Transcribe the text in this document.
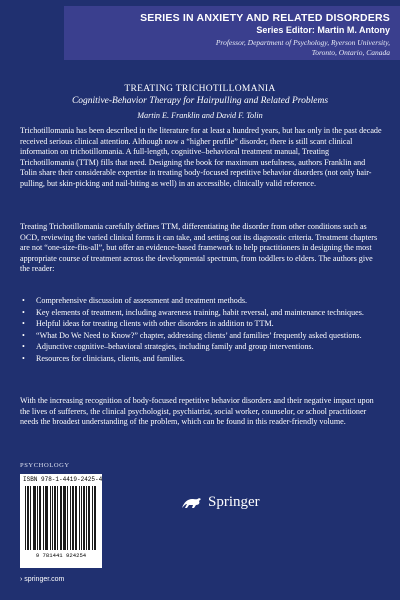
SERIES IN ANXIETY AND RELATED DISORDERS
Series Editor: Martin M. Antony
Professor, Department of Psychology, Ryerson University,
Toronto, Ontario, Canada
TREATING TRICHOTILLOMANIA
Cognitive-Behavior Therapy for Hairpulling and Related Problems
Martin E. Franklin and David F. Tolin

Trichotillomania has been described in the literature for at least a hundred years, but has only in the past decade received serious clinical attention. Although now a “higher profile” disorder, there is still scant clinical information on trichotillomania. A full-length, cognitive–behavioral treatment manual, Treating Trichotillomania (TTM) fills that need. Designing the book for maximum usefulness, authors Franklin and Tolin share their considerable expertise in treating body-focused repetitive behavior disorders (not only hair-pulling, but skin-picking and nail-biting as well) in an accessible, clinically valid reference.

Treating Trichotillomania carefully defines TTM, differentiating the disorder from other conditions such as OCD, reviewing the varied clinical forms it can take, and setting out its diagnostic criteria. Treatment chapters are not “one-size-fits-all”, but offer an evidence-based framework to help practitioners in designing the most appropriate course of treatment across the developmental spectrum, from toddlers to elders. The authors give the reader:

• Comprehensive discussion of assessment and treatment methods.
• Key elements of treatment, including awareness training, habit reversal, and maintenance techniques.
• Helpful ideas for treating clients with other disorders in addition to TTM.
• “What Do We Need to Know?” chapter, addressing clients’ and families’ frequently asked questions.
• Adjunctive cognitive–behavioral strategies, including family and group interventions.
• Resources for clinicians, clients, and families.

With the increasing recognition of body-focused repetitive behavior disorders and their negative impact upon the lives of sufferers, the clinical psychologist, psychiatrist, social worker, counselor, or school practitioner needs the broadest understanding of the problem, which can be found in this reader-friendly volume.

PSYCHOLOGY
ISBN 978-1-4419-2425-4
9 781441 924254
Springer
› springer.com
